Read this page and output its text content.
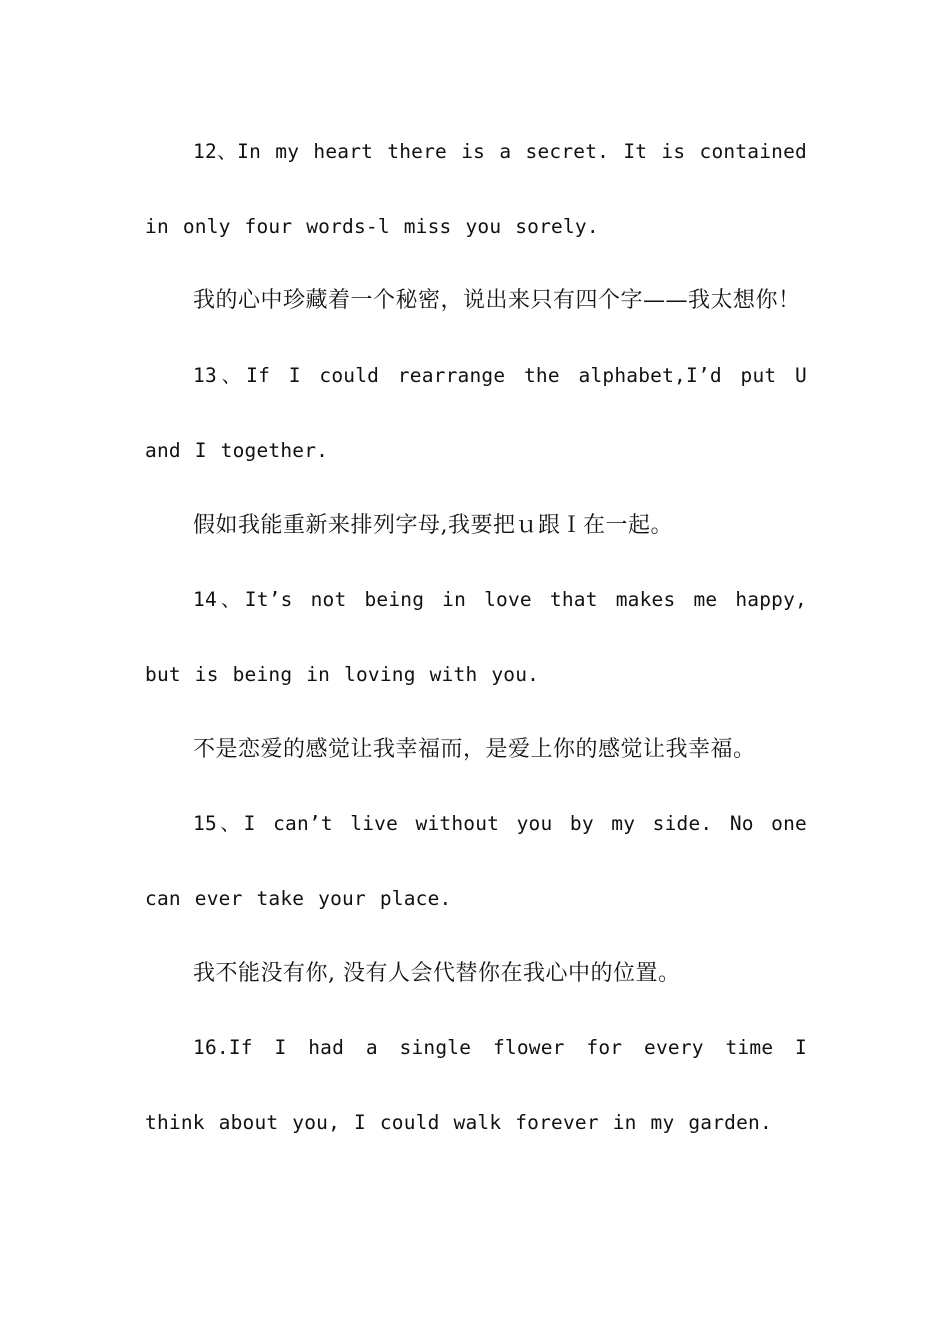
12、In my heart there is a secret. It is contained in only four words-l miss you sorely.

我的心中珍藏着一个秘密，说出来只有四个字——我太想你！

13、If I could rearrange the alphabet,I’d put U and I together.

假如我能重新来排列字母,我要把ｕ跟Ｉ在一起。

14、It’s not being in love that makes me happy, but is being in loving with you.

不是恋爱的感觉让我幸福而，是爱上你的感觉让我幸福。

15、I can’t live without you by my side. No one can ever take your place.

我不能没有你, 没有人会代替你在我心中的位置。

16.If I had a single flower for every time I think about you, I could walk forever in my garden.
